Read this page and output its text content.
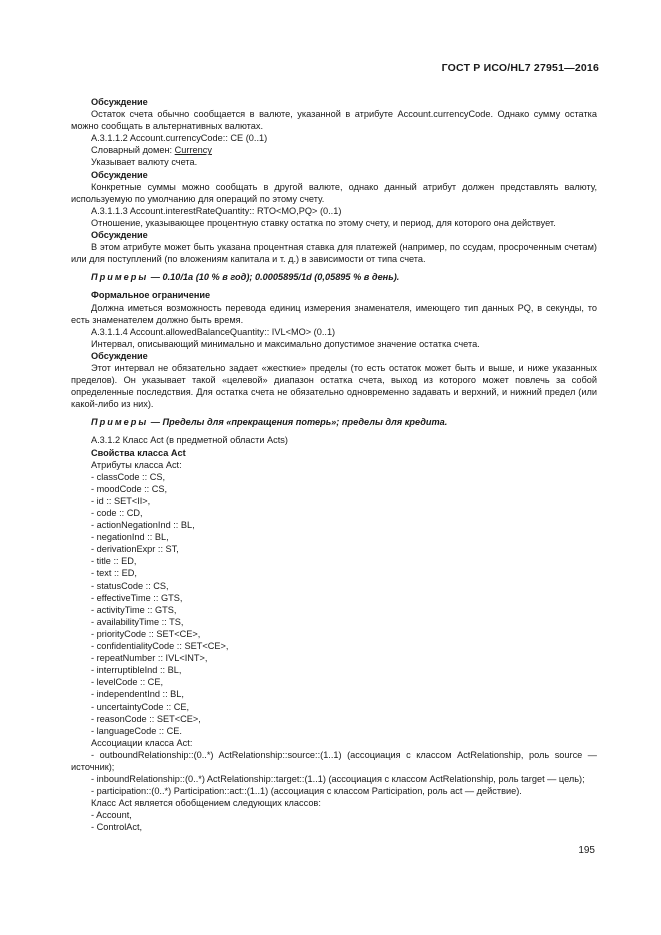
ГОСТ Р ИСО/HL7 27951—2016

Обсуждение

Остаток счета обычно сообщается в валюте, указанной в атрибуте Account.currencyCode. Однако сумму остатка можно сообщать в альтернативных валютах.

A.3.1.1.2 Account.currencyCode:: CE (0..1)

Словарный домен: Currency

Указывает валюту счета.

Обсуждение

Конкретные суммы можно сообщать в другой валюте, однако данный атрибут должен представлять валюту, используемую по умолчанию для операций по этому счету.

A.3.1.1.3 Account.interestRateQuantity:: RTO<MO,PQ> (0..1)

Отношение, указывающее процентную ставку остатка по этому счету, и период, для которого она действует.

Обсуждение

В этом атрибуте может быть указана процентная ставка для платежей (например, по ссудам, просроченным счетам) или для поступлений (по вложениям капитала и т. д.) в зависимости от типа счета.

Примеры — 0.10/1a (10 % в год); 0.0005895/1d (0,05895 % в день).

Формальное ограничение

Должна иметься возможность перевода единиц измерения знаменателя, имеющего тип данных PQ, в секунды, то есть знаменателем должно быть время.

A.3.1.1.4 Account.allowedBalanceQuantity:: IVL<MO> (0..1)

Интервал, описывающий минимально и максимально допустимое значение остатка счета.

Обсуждение

Этот интервал не обязательно задает «жесткие» пределы (то есть остаток может быть и выше, и ниже указанных пределов). Он указывает такой «целевой» диапазон остатка счета, выход из которого может повлечь за собой определенные последствия. Для остатка счета не обязательно одновременно задавать и верхний, и нижний предел (или какой-либо из них).

Примеры — Пределы для «прекращения потерь»; пределы для кредита.

A.3.1.2 Класс Act (в предметной области Acts)

Свойства класса Act

Атрибуты класса Act:

- classCode :: CS,

- moodCode :: CS,

- id :: SET<II>,

- code :: CD,

- actionNegationInd :: BL,

- negationInd :: BL,

- derivationExpr :: ST,

- title :: ED,

- text :: ED,

- statusCode :: CS,

- effectiveTime :: GTS,

- activityTime :: GTS,

- availabilityTime :: TS,

- priorityCode :: SET<CE>,

- confidentialityCode :: SET<CE>,

- repeatNumber :: IVL<INT>,

- interruptibleInd :: BL,

- levelCode :: CE,

- independentInd :: BL,

- uncertaintyCode :: CE,

- reasonCode :: SET<CE>,

- languageCode :: CE.

Ассоциации класса Act:

- outboundRelationship::(0..*) ActRelationship::source::(1..1) (ассоциация с классом ActRelationship, роль source — источник);

- inboundRelationship::(0..*) ActRelationship::target::(1..1) (ассоциация с классом ActRelationship, роль target — цель);

- participation::(0..*) Participation::act::(1..1) (ассоциация с классом Participation, роль act — действие).

Класс Act является обобщением следующих классов:

- Account,

- ControlAct,

195
